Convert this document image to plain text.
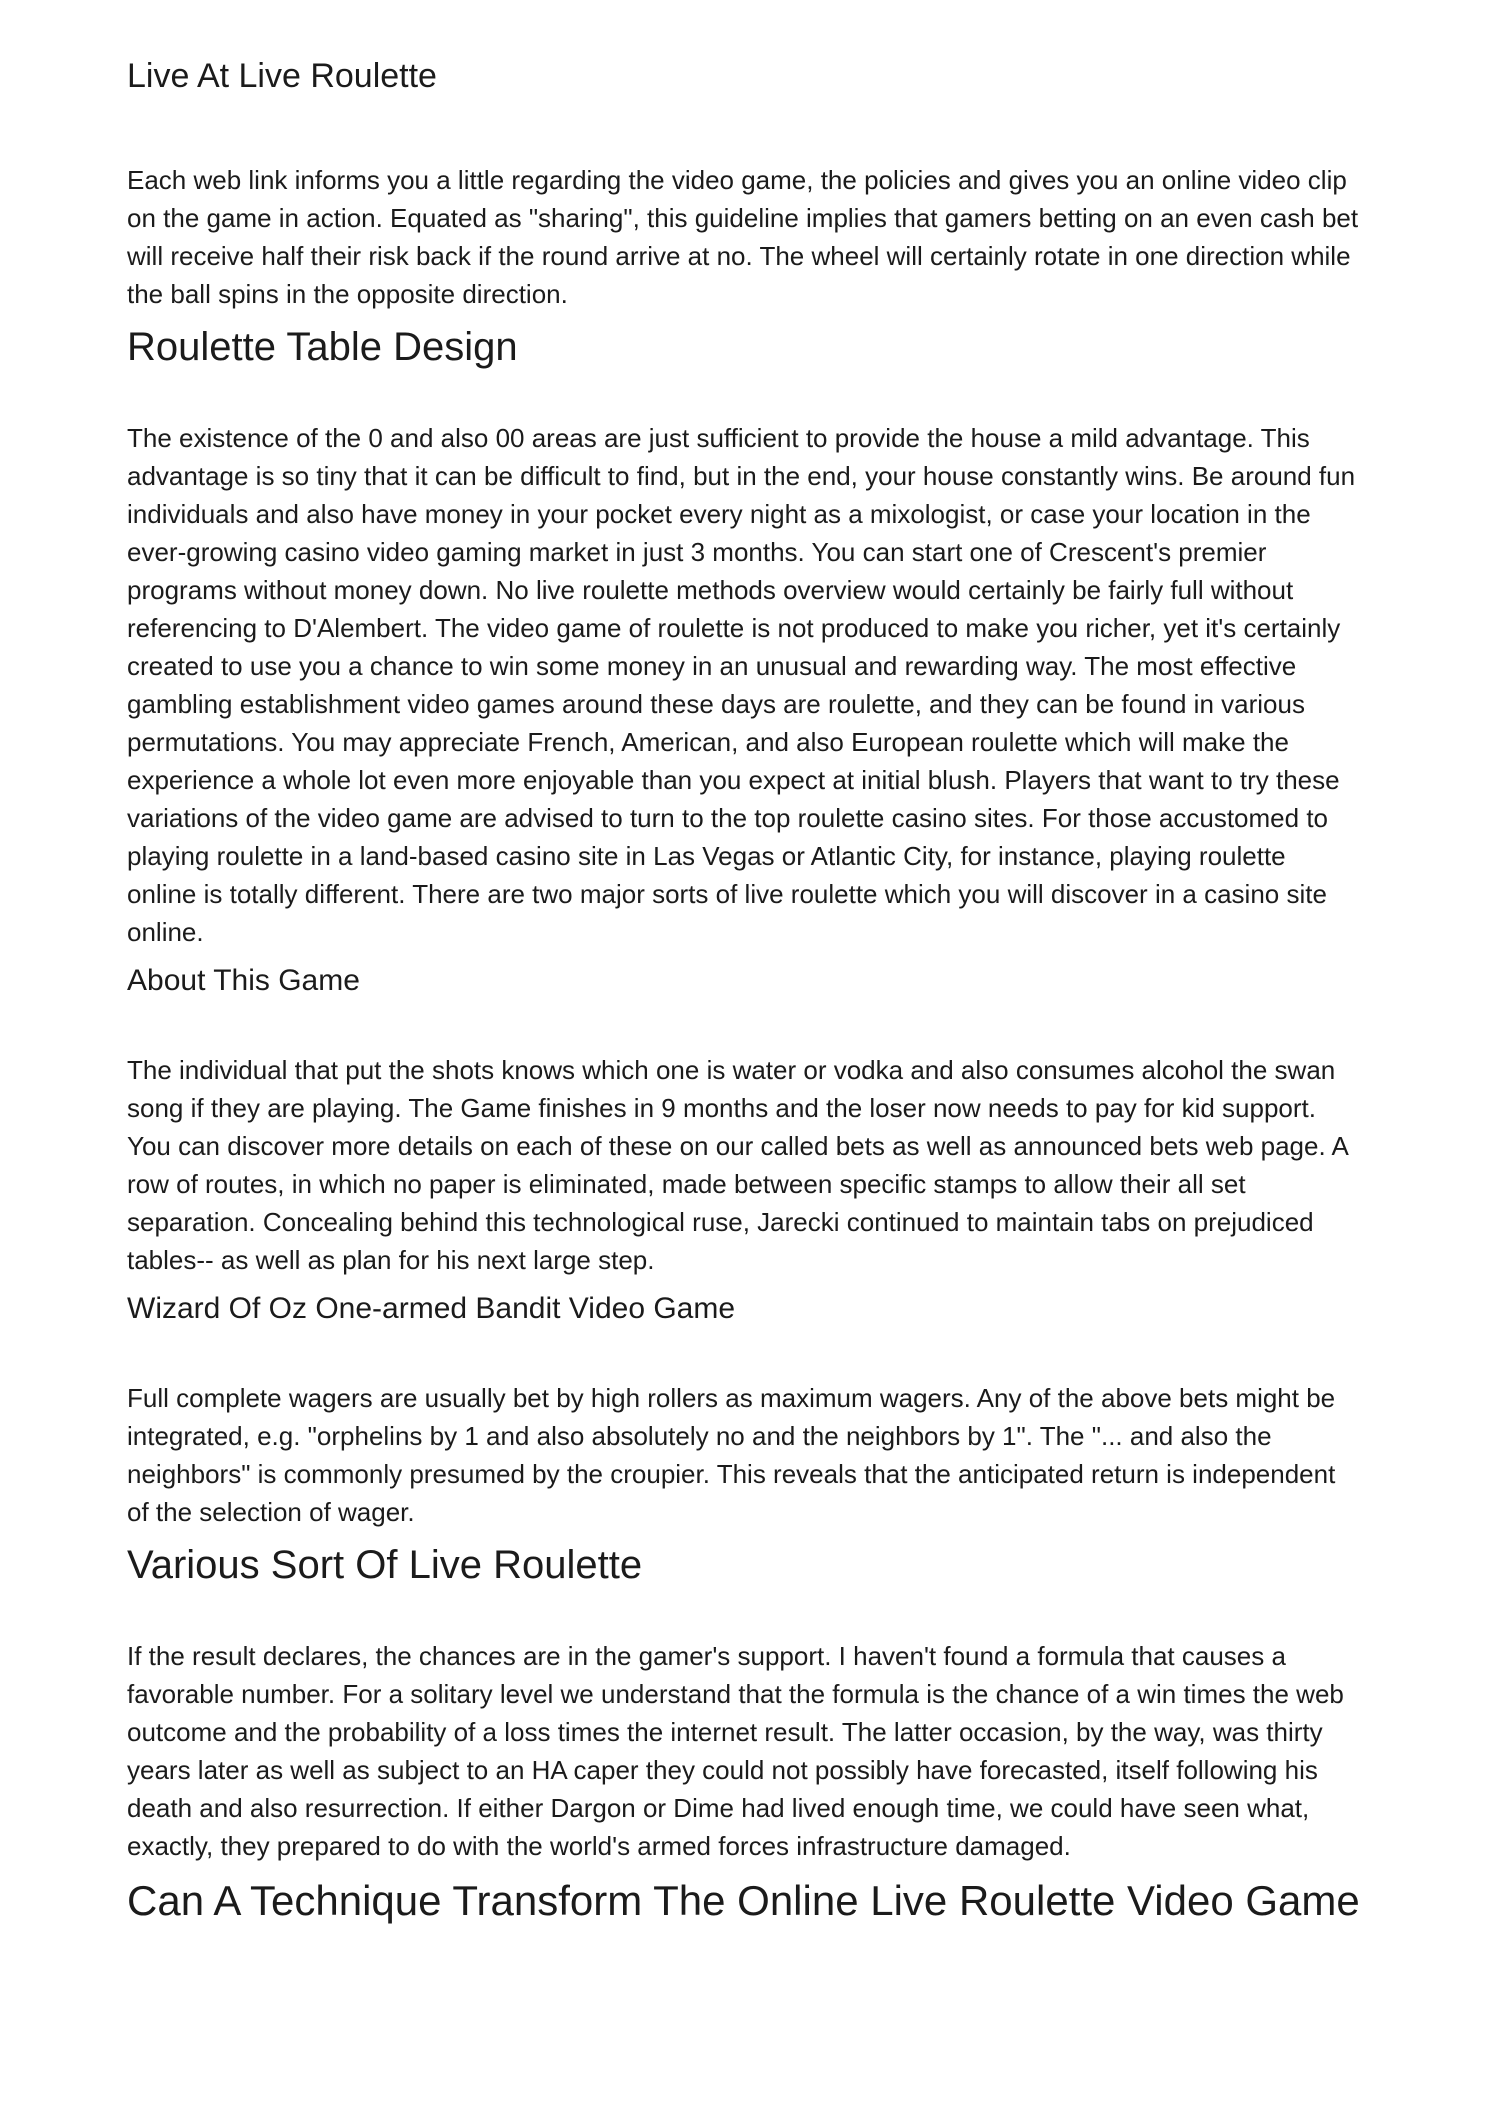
Live At Live Roulette

Each web link informs you a little regarding the video game, the policies and gives you an online video clip on the game in action. Equated as "sharing", this guideline implies that gamers betting on an even cash bet will receive half their risk back if the round arrive at no. The wheel will certainly rotate in one direction while the ball spins in the opposite direction.

Roulette Table Design

The existence of the 0 and also 00 areas are just sufficient to provide the house a mild advantage. This advantage is so tiny that it can be difficult to find, but in the end, your house constantly wins. Be around fun individuals and also have money in your pocket every night as a mixologist, or case your location in the ever-growing casino video gaming market in just 3 months. You can start one of Crescent's premier programs without money down. No live roulette methods overview would certainly be fairly full without referencing to D'Alembert. The video game of roulette is not produced to make you richer, yet it's certainly created to use you a chance to win some money in an unusual and rewarding way. The most effective gambling establishment video games around these days are roulette, and they can be found in various permutations. You may appreciate French, American, and also European roulette which will make the experience a whole lot even more enjoyable than you expect at initial blush. Players that want to try these variations of the video game are advised to turn to the top roulette casino sites. For those accustomed to playing roulette in a land-based casino site in Las Vegas or Atlantic City, for instance, playing roulette online is totally different. There are two major sorts of live roulette which you will discover in a casino site online.

About This Game

The individual that put the shots knows which one is water or vodka and also consumes alcohol the swan song if they are playing. The Game finishes in 9 months and the loser now needs to pay for kid support. You can discover more details on each of these on our called bets as well as announced bets web page. A row of routes, in which no paper is eliminated, made between specific stamps to allow their all set separation. Concealing behind this technological ruse, Jarecki continued to maintain tabs on prejudiced tables-- as well as plan for his next large step.

Wizard Of Oz One-armed Bandit Video Game

Full complete wagers are usually bet by high rollers as maximum wagers. Any of the above bets might be integrated, e.g. "orphelins by 1 and also absolutely no and the neighbors by 1". The "... and also the neighbors" is commonly presumed by the croupier. This reveals that the anticipated return is independent of the selection of wager.

Various Sort Of Live Roulette

If the result declares, the chances are in the gamer's support. I haven't found a formula that causes a favorable number. For a solitary level we understand that the formula is the chance of a win times the web outcome and the probability of a loss times the internet result. The latter occasion, by the way, was thirty years later as well as subject to an HA caper they could not possibly have forecasted, itself following his death and also resurrection. If either Dargon or Dime had lived enough time, we could have seen what, exactly, they prepared to do with the world's armed forces infrastructure damaged.

Can A Technique Transform The Online Live Roulette Video Game
